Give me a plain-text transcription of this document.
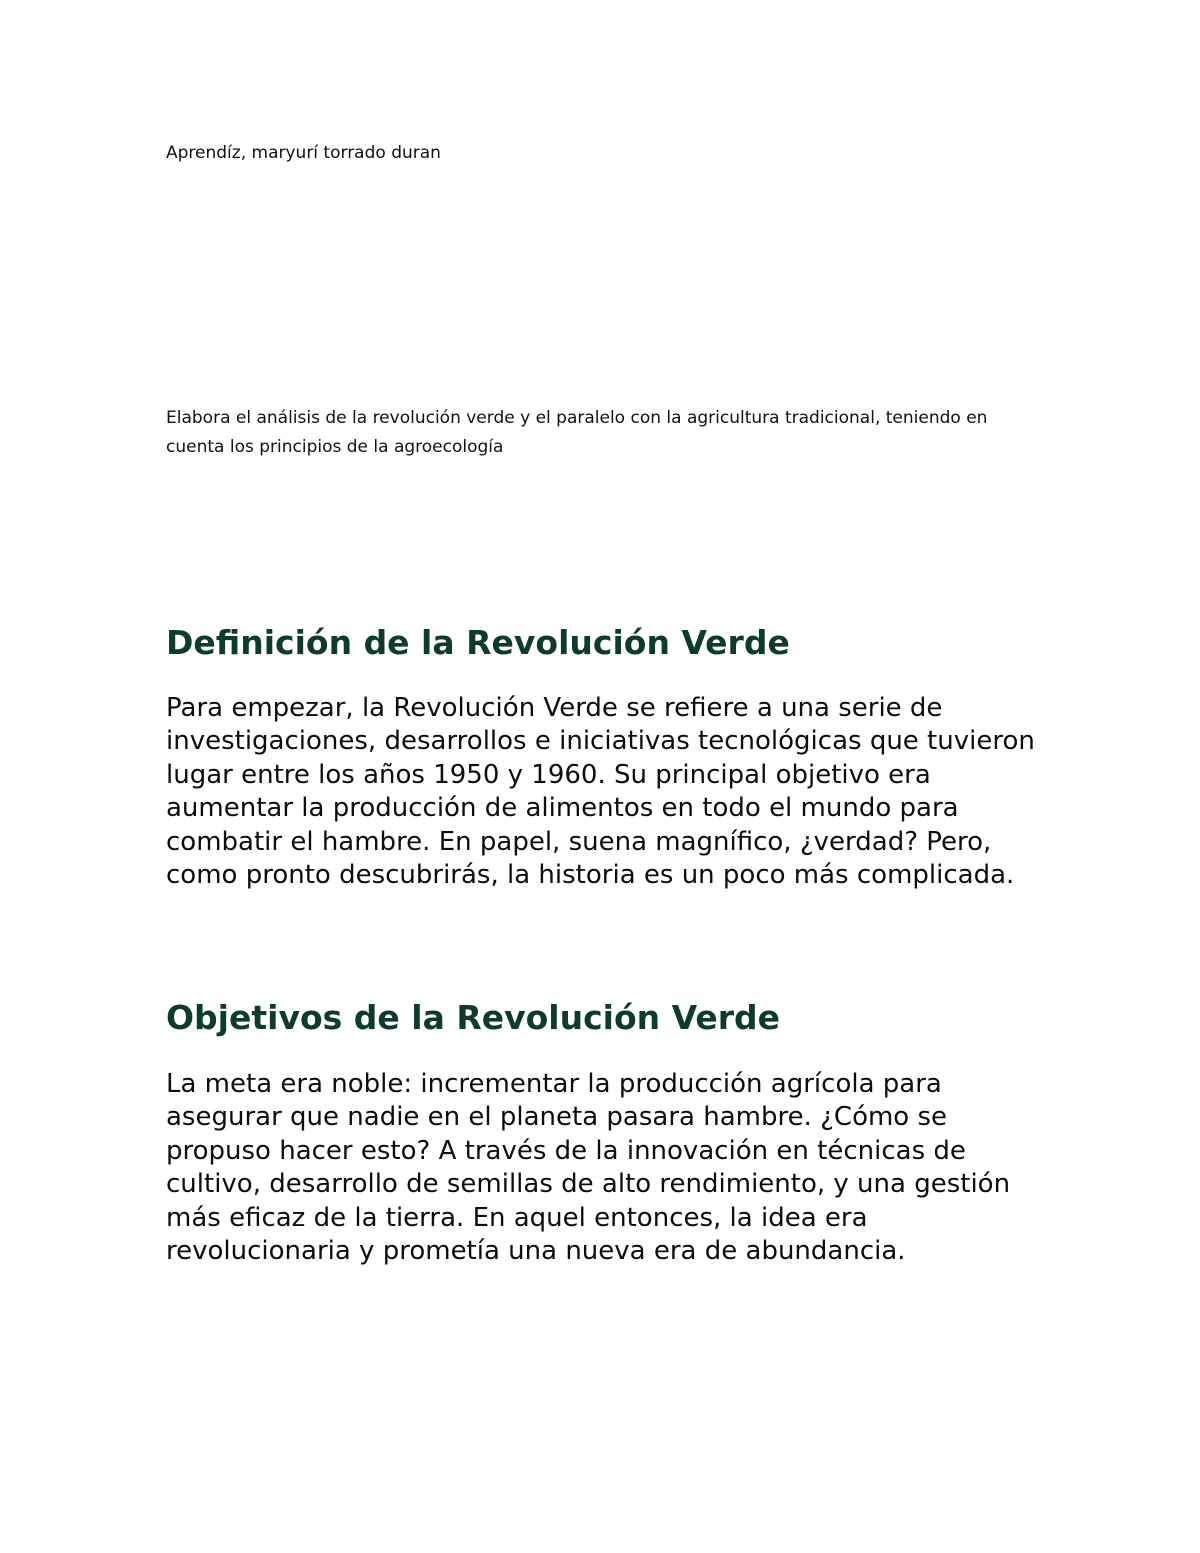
Aprendíz, maryurí torrado duran
Elabora el análisis de la revolución verde y el paralelo con la agricultura tradicional, teniendo en cuenta los principios de la agroecología
Definición de la Revolución Verde

Para empezar, la Revolución Verde se refiere a una serie de investigaciones, desarrollos e iniciativas tecnológicas que tuvieron lugar entre los años 1950 y 1960. Su principal objetivo era aumentar la producción de alimentos en todo el mundo para combatir el hambre. En papel, suena magnífico, ¿verdad? Pero, como pronto descubrirás, la historia es un poco más complicada.

Objetivos de la Revolución Verde

La meta era noble: incrementar la producción agrícola para asegurar que nadie en el planeta pasara hambre. ¿Cómo se propuso hacer esto? A través de la innovación en técnicas de cultivo, desarrollo de semillas de alto rendimiento, y una gestión más eficaz de la tierra. En aquel entonces, la idea era revolucionaria y prometía una nueva era de abundancia.
